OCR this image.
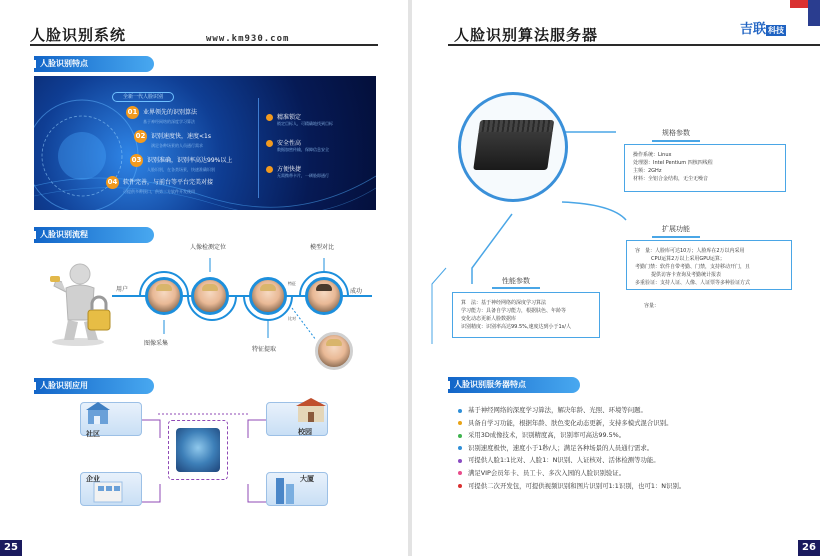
人脸识别系统	www.km930.com
人脸识别特点
全新一代人脸识别
01 业界领先的识别算法
基于神经网络的深度学习算法
02 识别速度快，速度<1s
满足各种场景的人员通行需求
03 识别准确，识别率高达99%以上
人脸识别，在各类场景，快速准确识别
04 软件完善，与前台等平台完美对接
可提供多种接口，供第三方软件开发使用
精准锁定
锁定目标人，可精确地找到目标
安全性高
数据加密传输，保障信息安全
方便快捷
无需携带卡片，一刷脸即通行
人脸识别流程
用户
图像采集
人像检测定位
特征提取
特征
比对
模型对比
成功
人脸识别应用
社区	校园
企业	大厦
25
人脸识别算法服务器	吉联 科技
规格参数
操作系统：Linux
处理器：Intel Pentium 四核四线程
主频：2GHz
材料：全铝合金结构，无尘无噪音
扩展功能
容　量：人脸库可达10万；人脸库在2万以内采用
CPU运算2万以上采用GPU运算；
考勤门禁：软件自带考勤、门禁，支持移动开门，且
提供访客卡查询及考勤统计报表
多重验证：支持人证、人像、人证票等多种验证方式
性能参数
算　法：基于神经网络的深度学习算法
学习能力：具备自学习能力，根据肤色、年龄等
变化动态更新人脸数据库
识别精度：识别率高达99.5%,速度达到小于1s/人
容量：
人脸识别服务器特点
基于神经网络的深度学习算法，解决年龄、光照、环境等问题。
具备自学习功能，根据年龄、肤色变化动态更新，支持多模式混合识别。
采用3D成像技术，识别精度高，识别率可高达99.5%。
识别速度极快，速度小于1秒/人；满足各种场景的人员通行需求。
可提供人脸1:1比对、人脸1：N识别、人证核对、活体检测等功能。
满足VIP会员年卡、员工卡、多次入园的人脸识别验证。
可提供二次开发包，可提供视频识别和图片识别可1:1识别，也可1：N识别。
26
